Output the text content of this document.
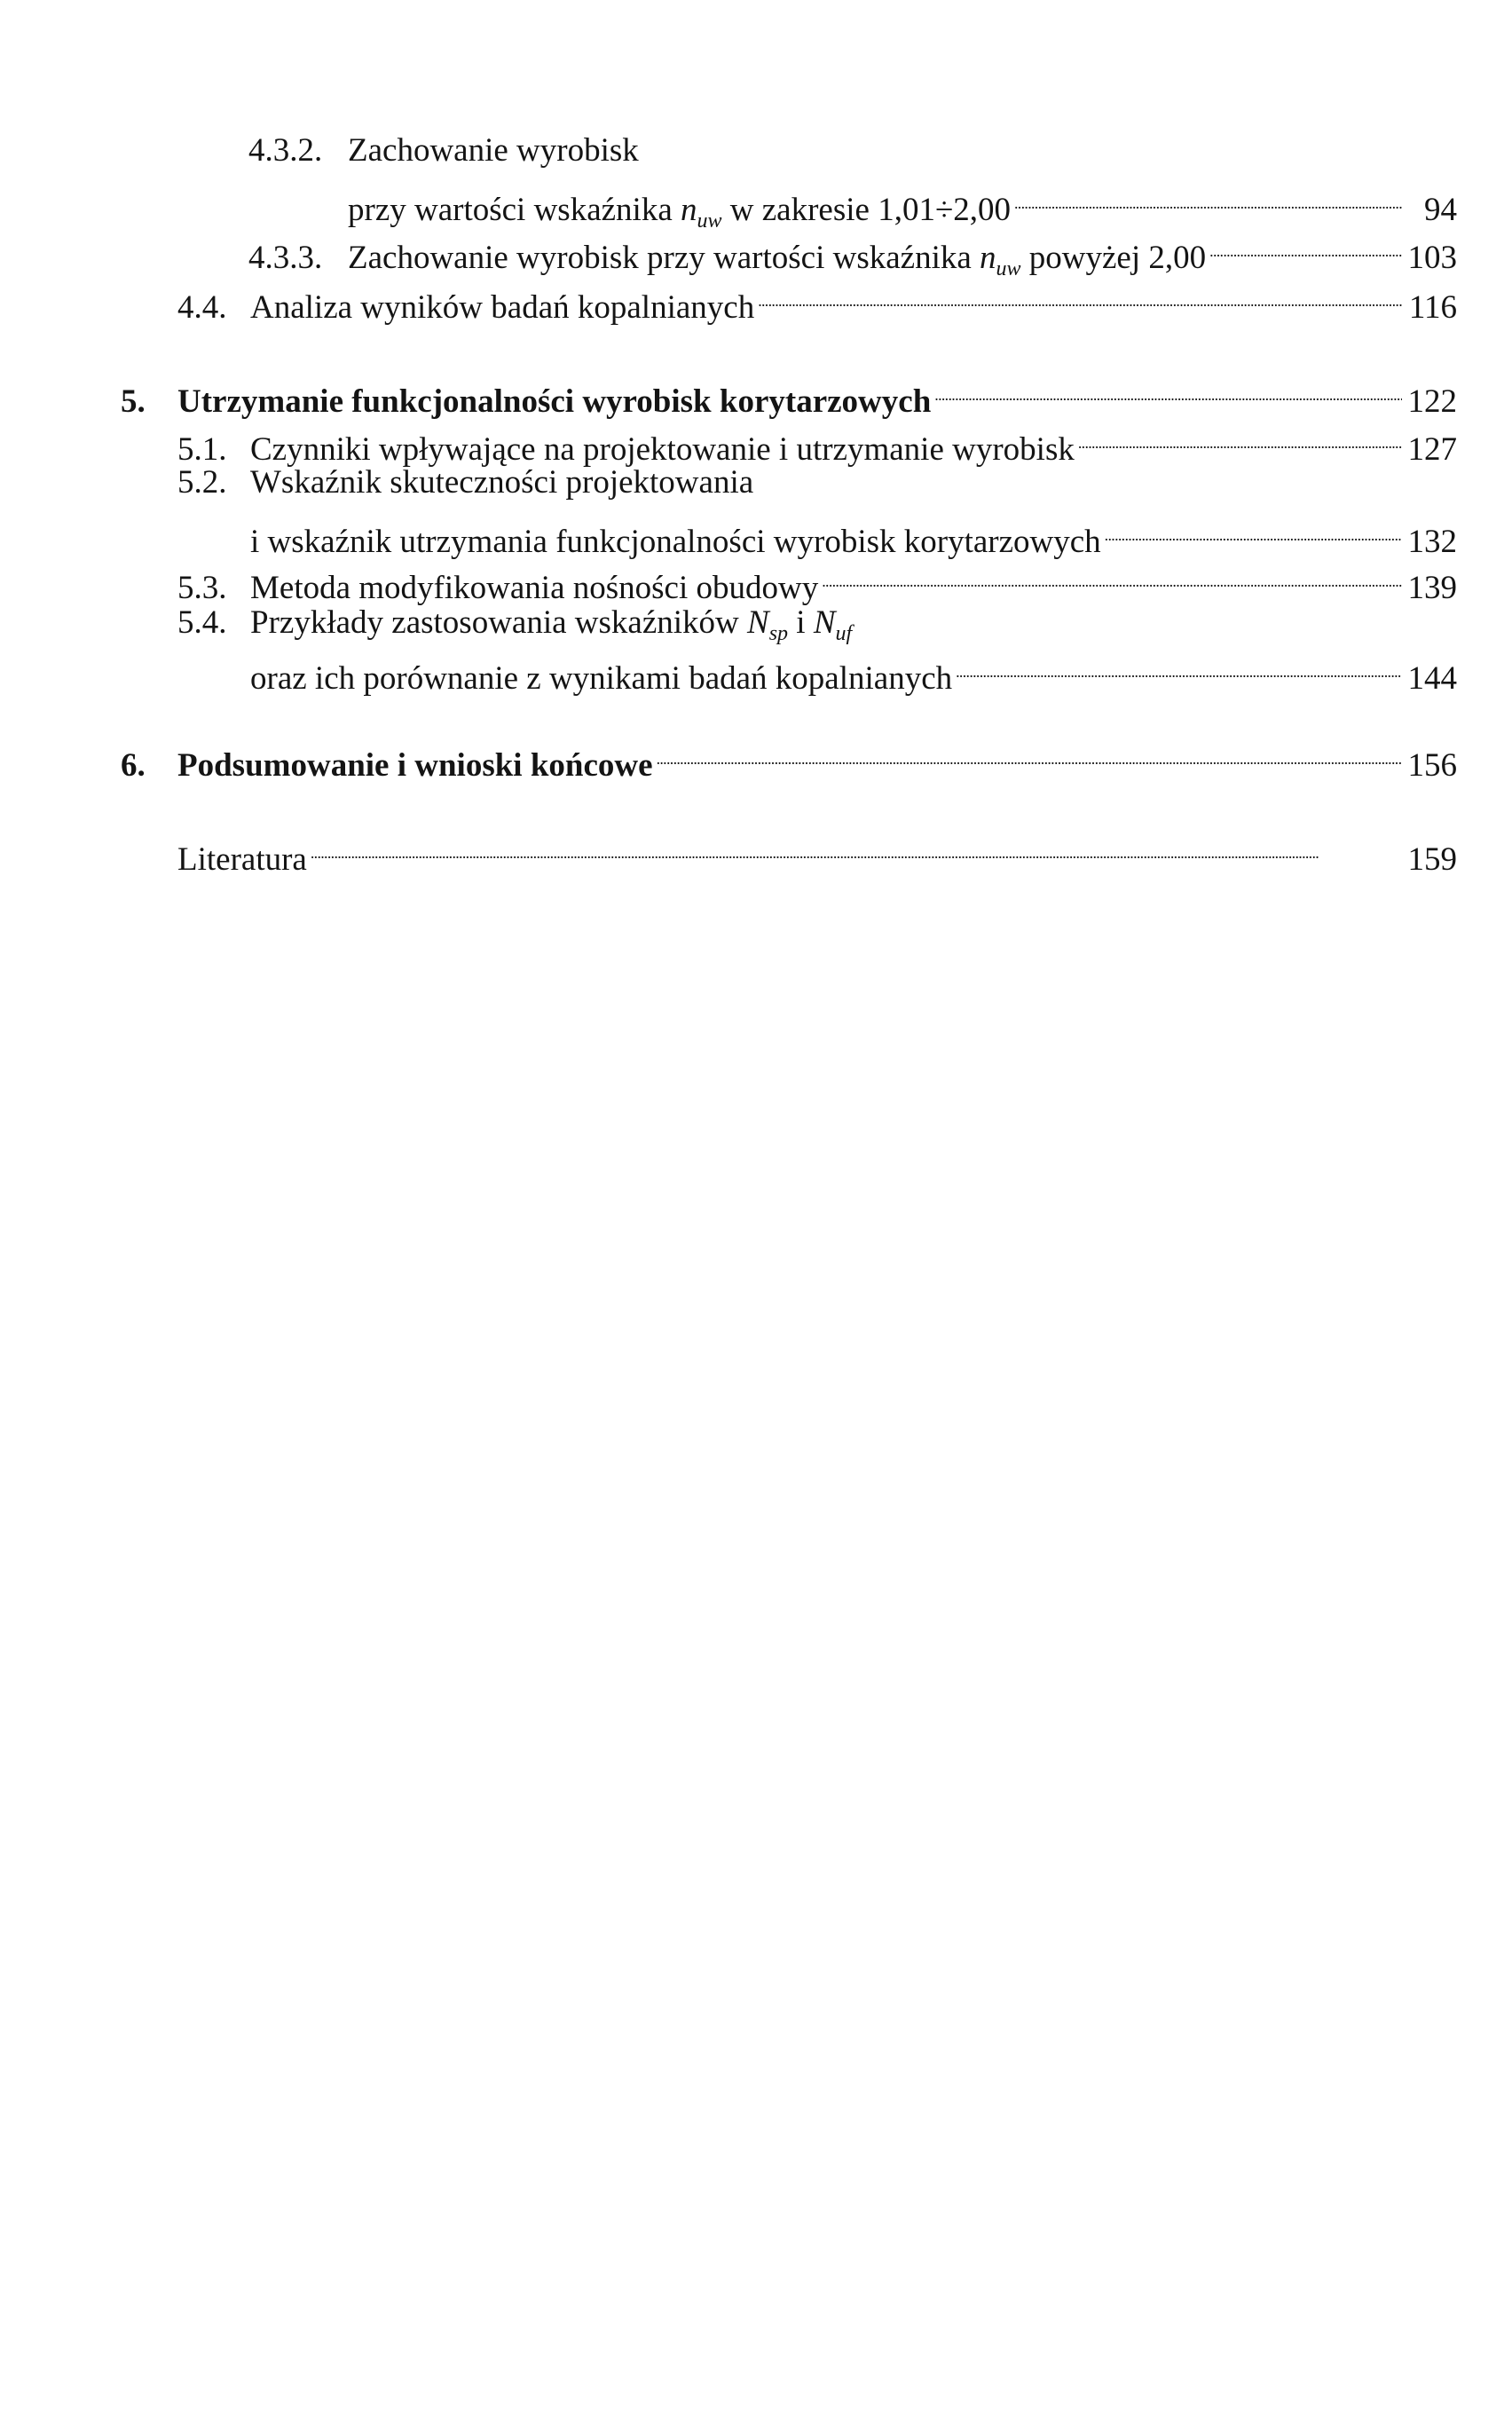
4.3.2. Zachowanie wyrobisk
przy wartości wskaźnika $n_{uw}$ w zakresie 1,01÷2,00 . . .	94
4.3.3. Zachowanie wyrobisk przy wartości wskaźnika $n_{uw}$ powyżej 2,00 . . .	103
4.4. Analiza wyników badań kopalnianych . . .	116
5. Utrzymanie funkcjonalności wyrobisk korytarzowych . . .	122
5.1. Czynniki wpływające na projektowanie i utrzymanie wyrobisk . . .	127
5.2. Wskaźnik skuteczności projektowania
i wskaźnik utrzymania funkcjonalności wyrobisk korytarzowych . . .	132
5.3. Metoda modyfikowania nośności obudowy . . .	139
5.4. Przykłady zastosowania wskaźników $N_{sp}$ i $N_{uf}$
oraz ich porównanie z wynikami badań kopalnianych . . .	144
6. Podsumowanie i wnioski końcowe . . .	156
Literatura . . .	159
